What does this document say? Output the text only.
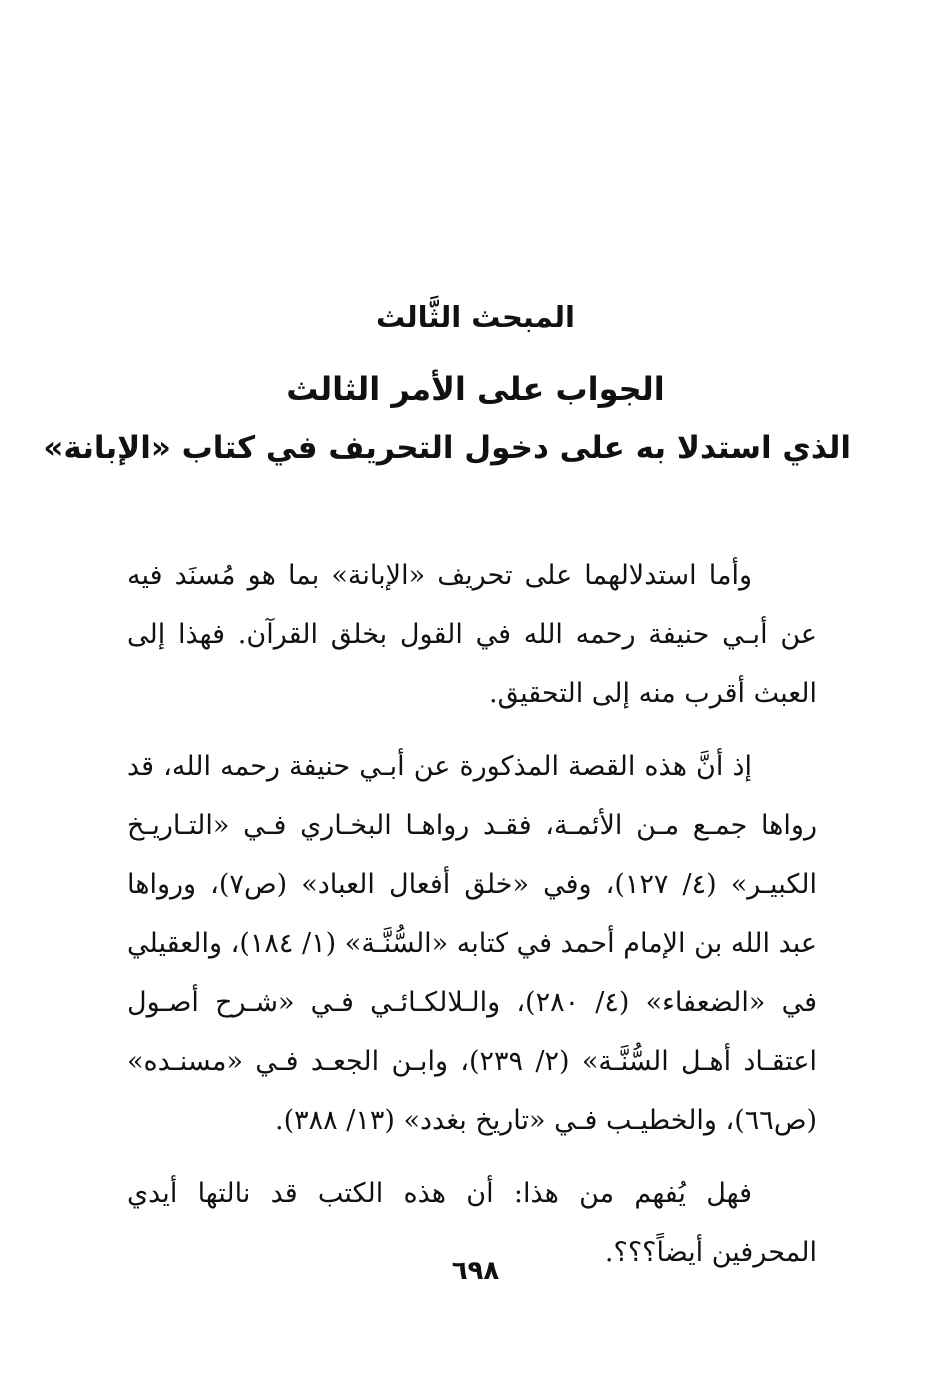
المبحث الثَّالث
الجواب على الأمر الثالث
الذي استدلا به على دخول التحريف في كتاب «الإبانة»

وأما استدلالهما على تحريف «الإبانة» بما هو مُسنَد فيه عن أبـي حنيفة رحمه الله في القول بخلق القرآن. فهذا إلى العبث أقرب منه إلى التحقيق.

إذ أنَّ هذه القصة المذكورة عن أبـي حنيفة رحمه الله، قد رواها جمـع مـن الأئمـة، فقـد رواهـا البخـاري فـي «التـاريـخ الكبيـر» (٤/ ١٢٧)، وفي «خلق أفعال العباد» (ص٧)، ورواها عبد الله بن الإمام أحمد في كتابه «السُّنَّـة» (١/ ١٨٤)، والعقيلي في «الضعفاء» (٤/ ٢٨٠)، والـلالكـائـي فـي «شـرح أصـول اعتقـاد أهـل السُّنَّـة» (٢/ ٢٣٩)، وابـن الجعـد فـي «مسنـده» (ص٦٦)، والخطيـب فـي «تاريخ بغدد» (١٣/ ٣٨٨).

فهل يُفهم من هذا: أن هذه الكتب قد نالتها أيدي المحرفين أيضاً؟؟؟.

٦٩٨
